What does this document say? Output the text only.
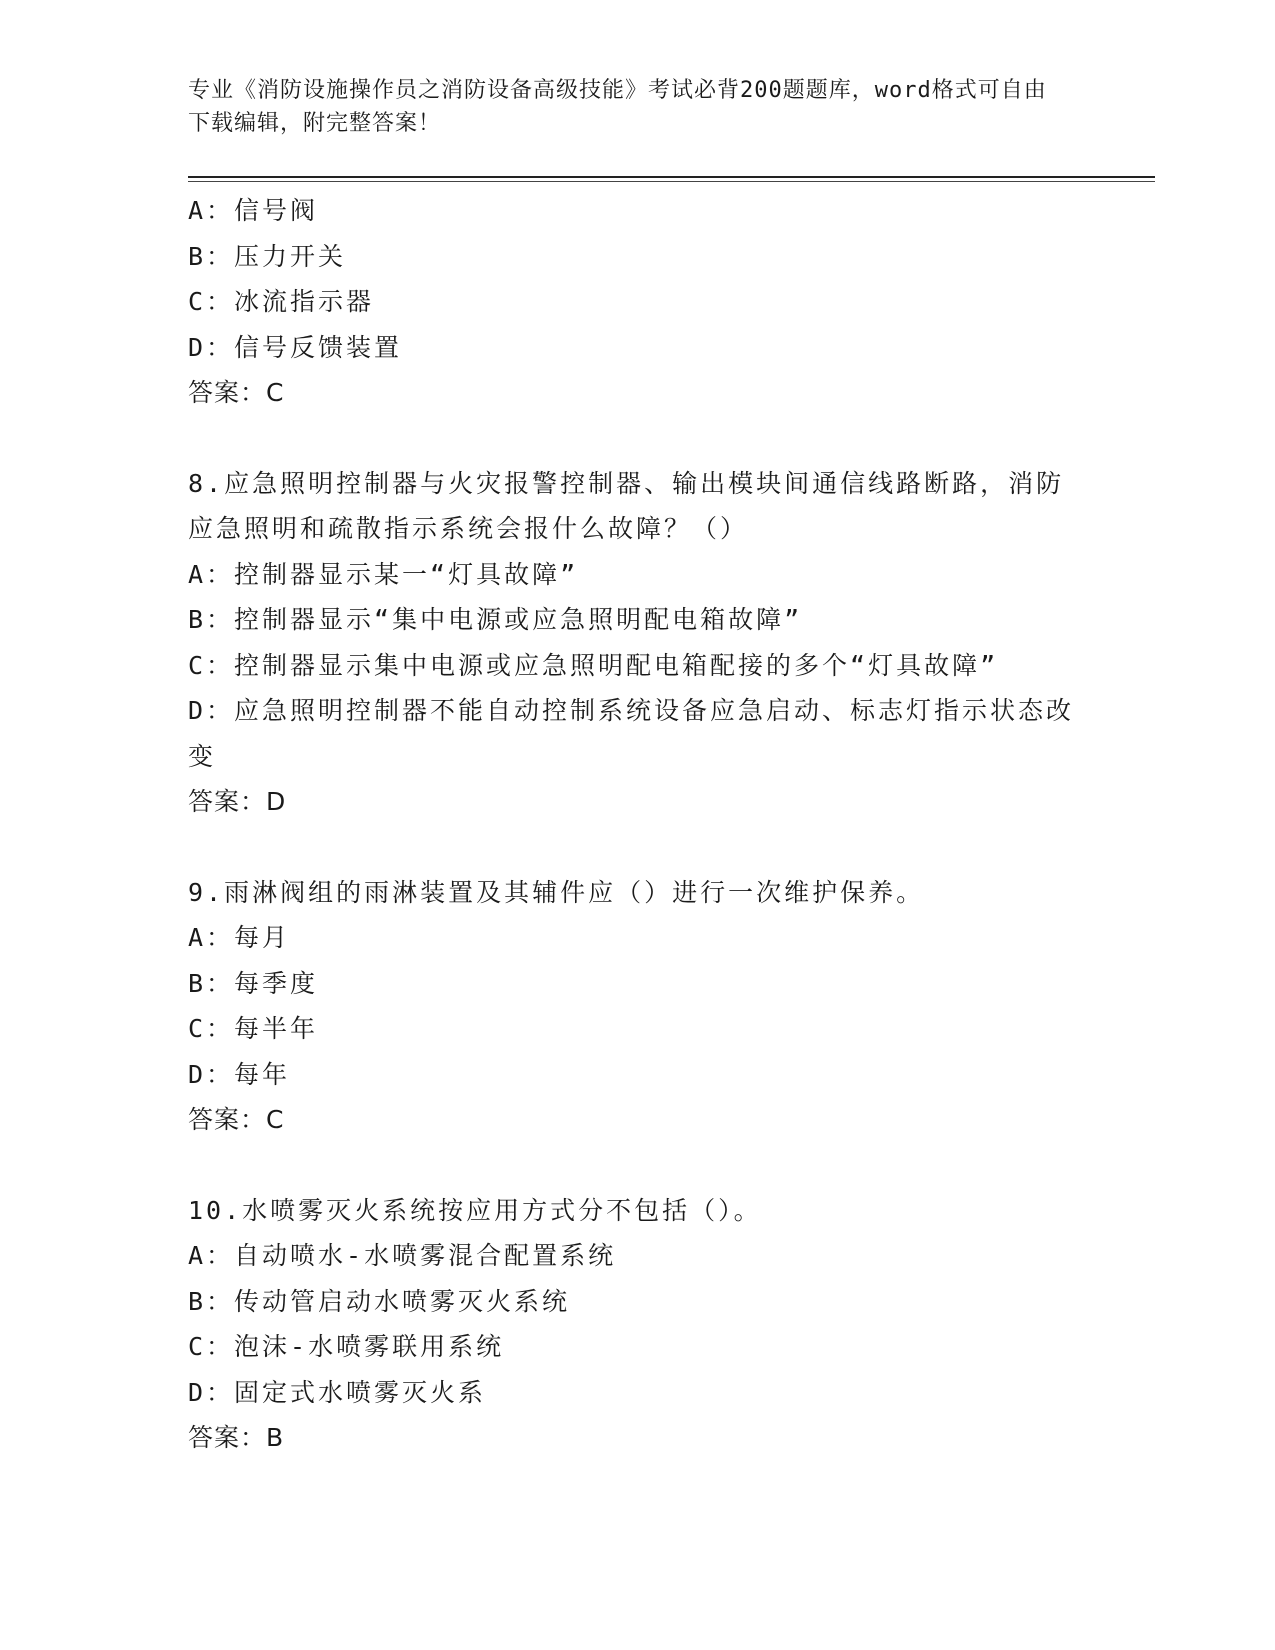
专业《消防设施操作员之消防设备高级技能》考试必背200题题库，word格式可自由下载编辑，附完整答案！
A：信号阀
B：压力开关
C：冰流指示器
D：信号反馈装置
答案：C
8.应急照明控制器与火灾报警控制器、输出模块间通信线路断路，消防应急照明和疏散指示系统会报什么故障？（）
A：控制器显示某一“灯具故障”
B：控制器显示“集中电源或应急照明配电箱故障”
C：控制器显示集中电源或应急照明配电箱配接的多个“灯具故障”
D：应急照明控制器不能自动控制系统设备应急启动、标志灯指示状态改变
答案：D
9.雨淋阀组的雨淋装置及其辅件应（）进行一次维护保养。
A：每月
B：每季度
C：每半年
D：每年
答案：C
10.水喷雾灭火系统按应用方式分不包括（）。
A：自动喷水-水喷雾混合配置系统
B：传动管启动水喷雾灭火系统
C：泡沫-水喷雾联用系统
D：固定式水喷雾灭火系
答案：B
